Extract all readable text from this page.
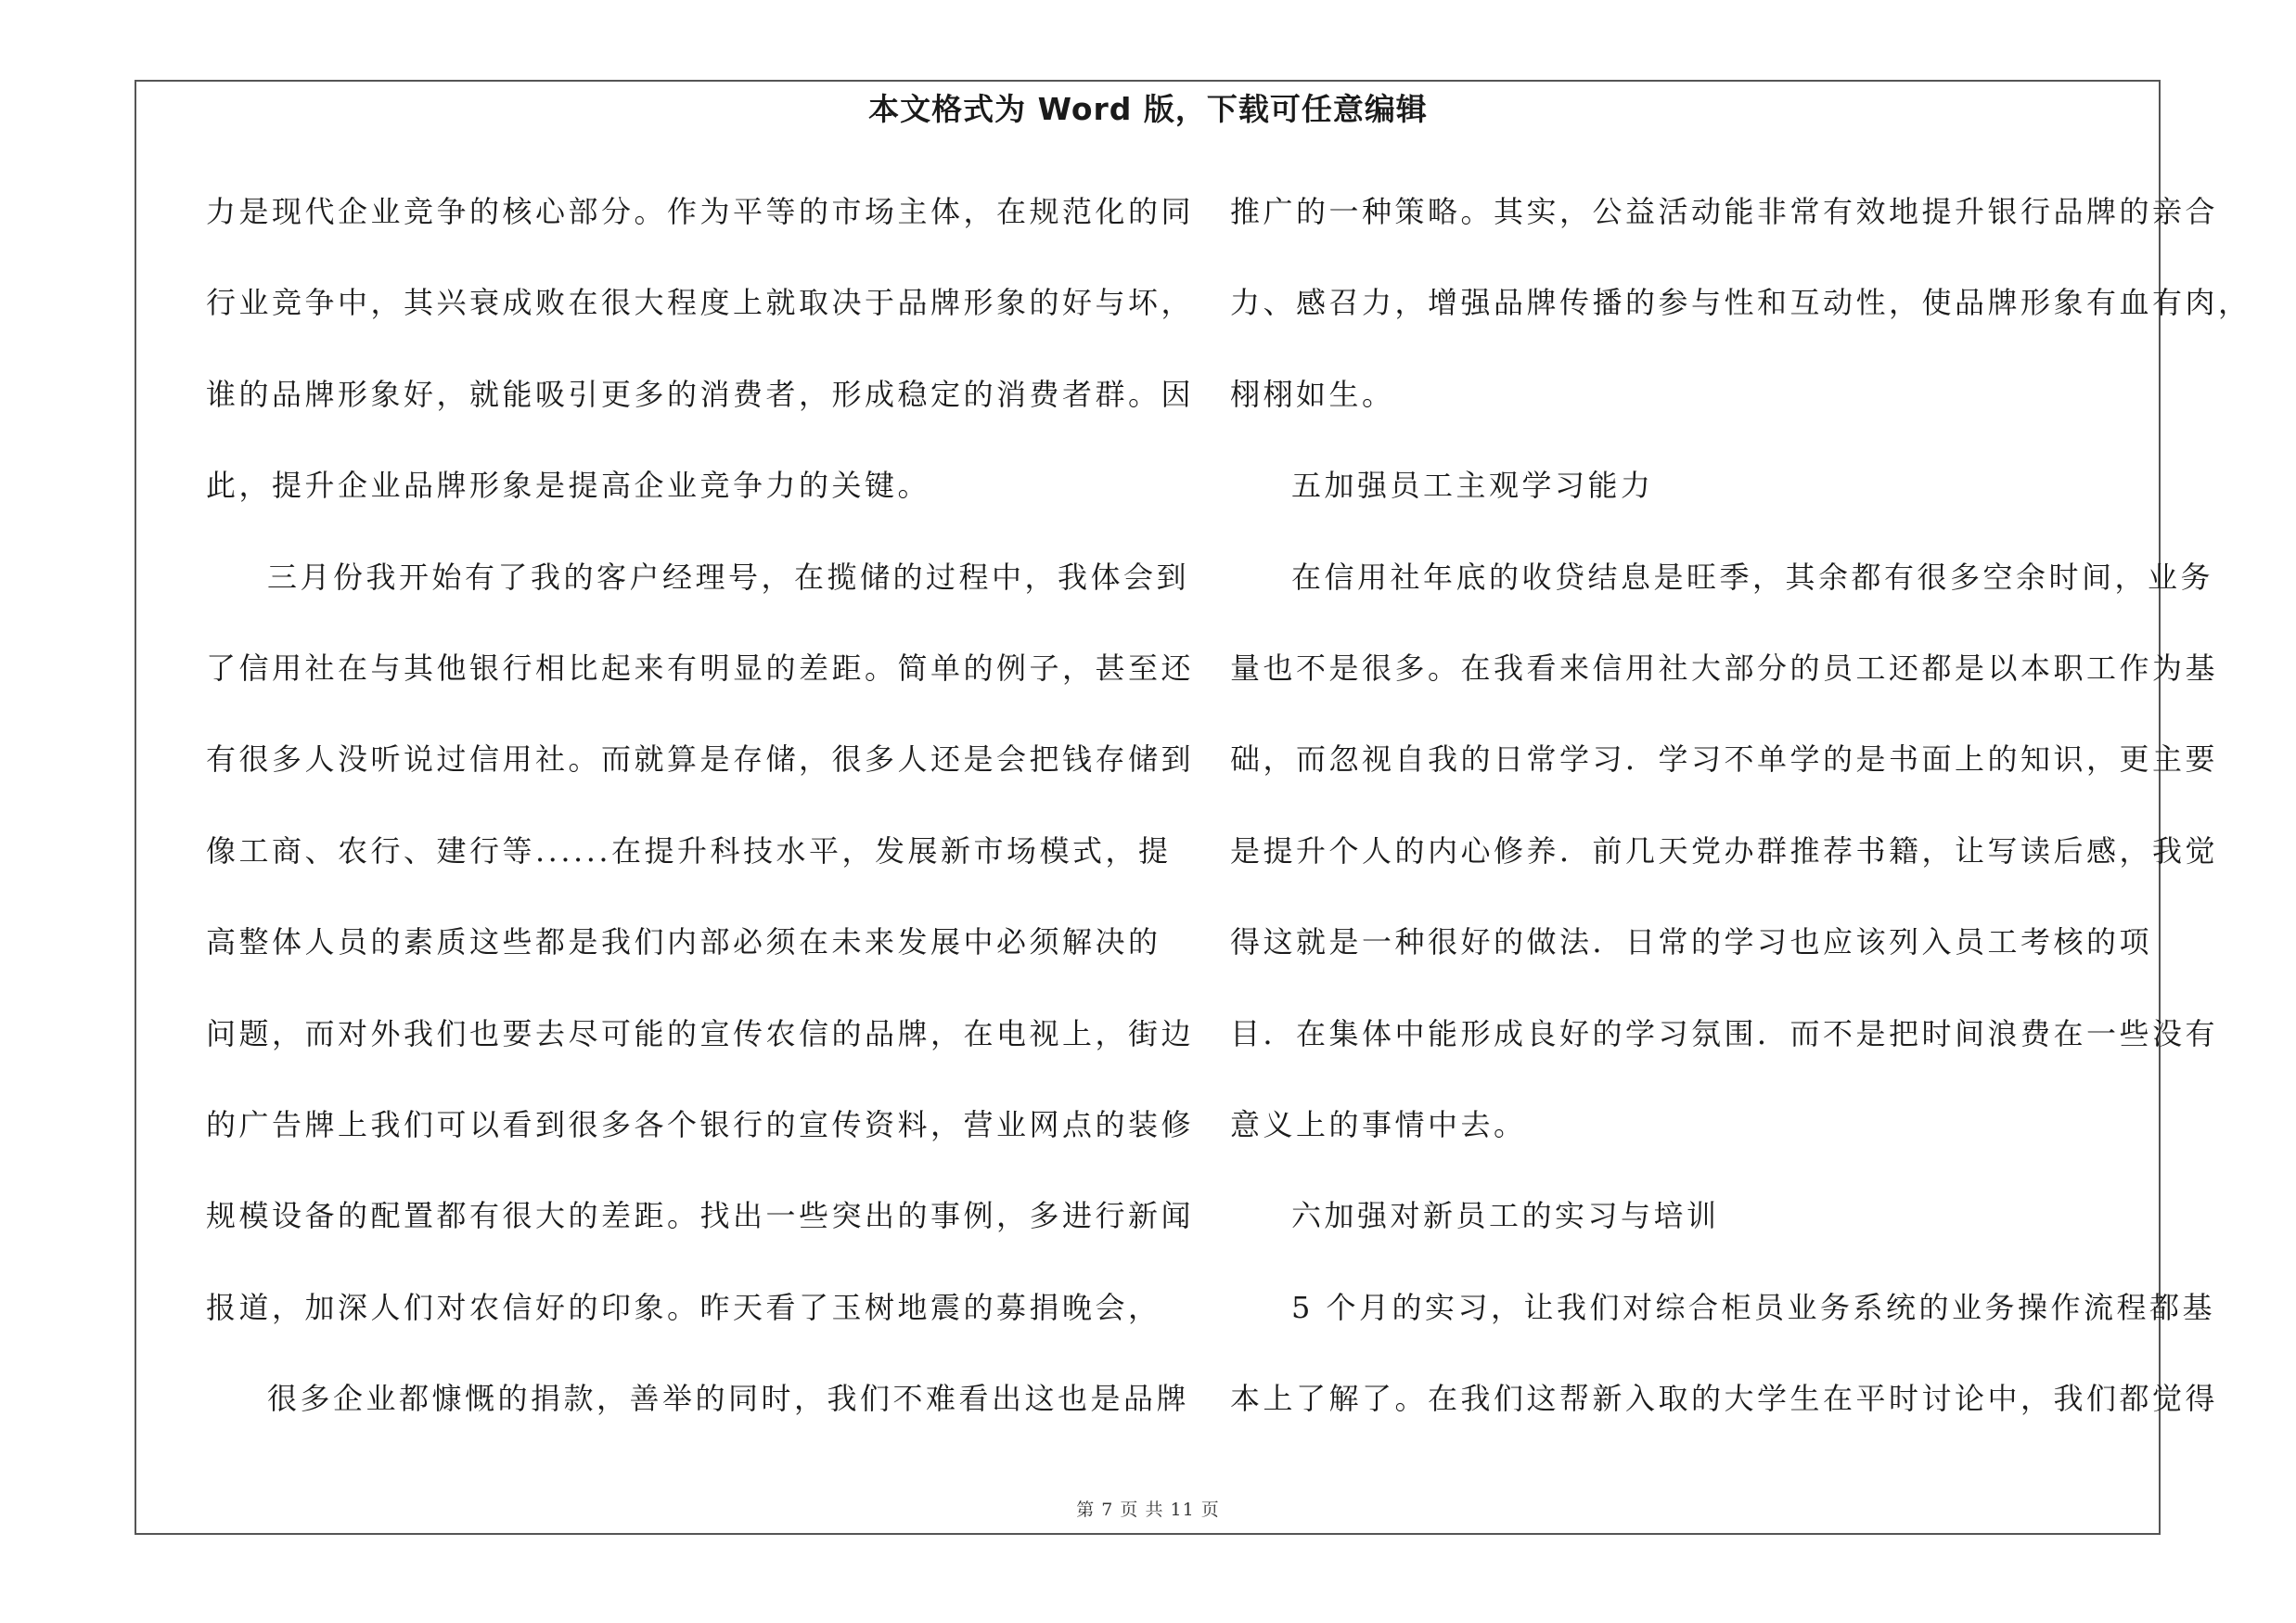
本文格式为 Word 版，下载可任意编辑
力是现代企业竞争的核心部分。作为平等的市场主体，在规范化的同
行业竞争中，其兴衰成败在很大程度上就取决于品牌形象的好与坏，
谁的品牌形象好，就能吸引更多的消费者，形成稳定的消费者群。因
此，提升企业品牌形象是提高企业竞争力的关键。
三月份我开始有了我的客户经理号，在揽储的过程中，我体会到
了信用社在与其他银行相比起来有明显的差距。简单的例子，甚至还
有很多人没听说过信用社。而就算是存储，很多人还是会把钱存储到
像工商、农行、建行等......在提升科技水平，发展新市场模式，提
高整体人员的素质这些都是我们内部必须在未来发展中必须解决的
问题，而对外我们也要去尽可能的宣传农信的品牌，在电视上，街边
的广告牌上我们可以看到很多各个银行的宣传资料，营业网点的装修
规模设备的配置都有很大的差距。找出一些突出的事例，多进行新闻
报道，加深人们对农信好的印象。昨天看了玉树地震的募捐晚会，
很多企业都慷慨的捐款，善举的同时，我们不难看出这也是品牌
推广的一种策略。其实，公益活动能非常有效地提升银行品牌的亲合
力、感召力，增强品牌传播的参与性和互动性，使品牌形象有血有肉，
栩栩如生。
五加强员工主观学习能力
在信用社年底的收贷结息是旺季，其余都有很多空余时间，业务
量也不是很多。在我看来信用社大部分的员工还都是以本职工作为基
础，而忽视自我的日常学习．学习不单学的是书面上的知识，更主要
是提升个人的内心修养．前几天党办群推荐书籍，让写读后感，我觉
得这就是一种很好的做法．日常的学习也应该列入员工考核的项
目．在集体中能形成良好的学习氛围．而不是把时间浪费在一些没有
意义上的事情中去。
六加强对新员工的实习与培训
5 个月的实习，让我们对综合柜员业务系统的业务操作流程都基
本上了解了。在我们这帮新入取的大学生在平时讨论中，我们都觉得
第 7 页 共 11 页
